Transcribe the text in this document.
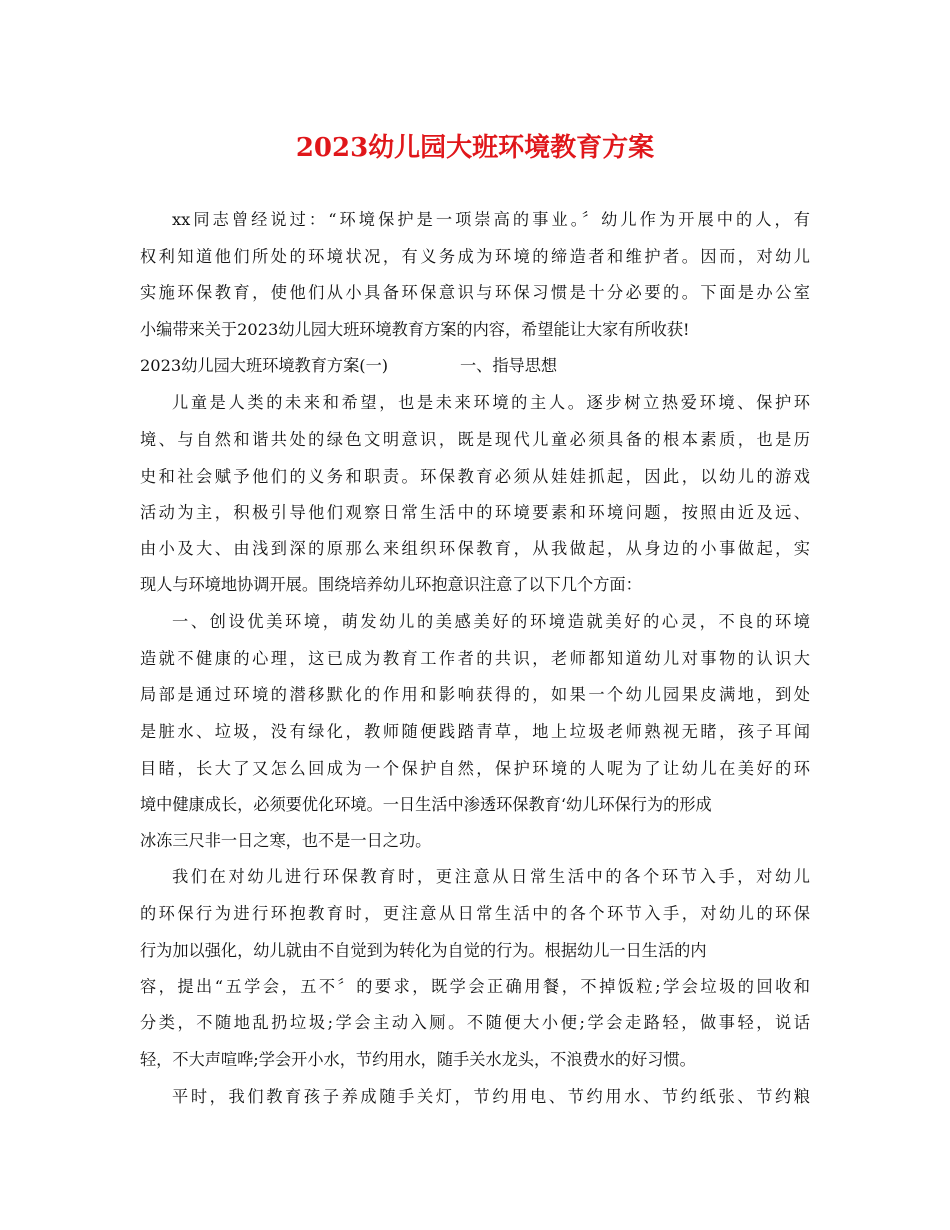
2023幼儿园大班环境教育方案
xx同志曾经说过：“环境保护是一项崇高的事业。〞幼儿作为开展中的人，有
权利知道他们所处的环境状况，有义务成为环境的缔造者和维护者。因而，对幼儿
实施环保教育，使他们从小具备环保意识与环保习惯是十分必要的。下面是办公室
小编带来关于2023幼儿园大班环境教育方案的内容，希望能让大家有所收获!
2023幼儿园大班环境教育方案(一)	一、指导思想
儿童是人类的未来和希望，也是未来环境的主人。逐步树立热爱环境、保护环
境、与自然和谐共处的绿色文明意识，既是现代儿童必须具备的根本素质，也是历
史和社会赋予他们的义务和职责。环保教育必须从娃娃抓起，因此，以幼儿的游戏
活动为主，积极引导他们观察日常生活中的环境要素和环境问题，按照由近及远、
由小及大、由浅到深的原那么来组织环保教育，从我做起，从身边的小事做起，实
现人与环境地协调开展。围绕培养幼儿环抱意识注意了以下几个方面：
一、创设优美环境，萌发幼儿的美感美好的环境造就美好的心灵，不良的环境
造就不健康的心理，这已成为教育工作者的共识，老师都知道幼儿对事物的认识大
局部是通过环境的潜移默化的作用和影响获得的，如果一个幼儿园果皮满地，到处
是脏水、垃圾，没有绿化，教师随便践踏青草，地上垃圾老师熟视无睹，孩子耳闻
目睹，长大了又怎么回成为一个保护自然，保护环境的人呢为了让幼儿在美好的环
境中健康成长，必须要优化环境。一日生活中渗透环保教育‘幼儿环保行为的形成
冰冻三尺非一日之寒，也不是一日之功。
我们在对幼儿进行环保教育时，更注意从日常生活中的各个环节入手，对幼儿
的环保行为进行环抱教育时，更注意从日常生活中的各个环节入手，对幼儿的环保
行为加以强化，幼儿就由不自觉到为转化为自觉的行为。根据幼儿一日生活的内
容，提出“五学会，五不〞的要求，既学会正确用餐，不掉饭粒;学会垃圾的回收和
分类，不随地乱扔垃圾;学会主动入厕。不随便大小便;学会走路轻，做事轻，说话
轻，不大声喧哗;学会开小水，节约用水，随手关水龙头，不浪费水的好习惯。
平时，我们教育孩子养成随手关灯，节约用电、节约用水、节约纸张、节约粮
